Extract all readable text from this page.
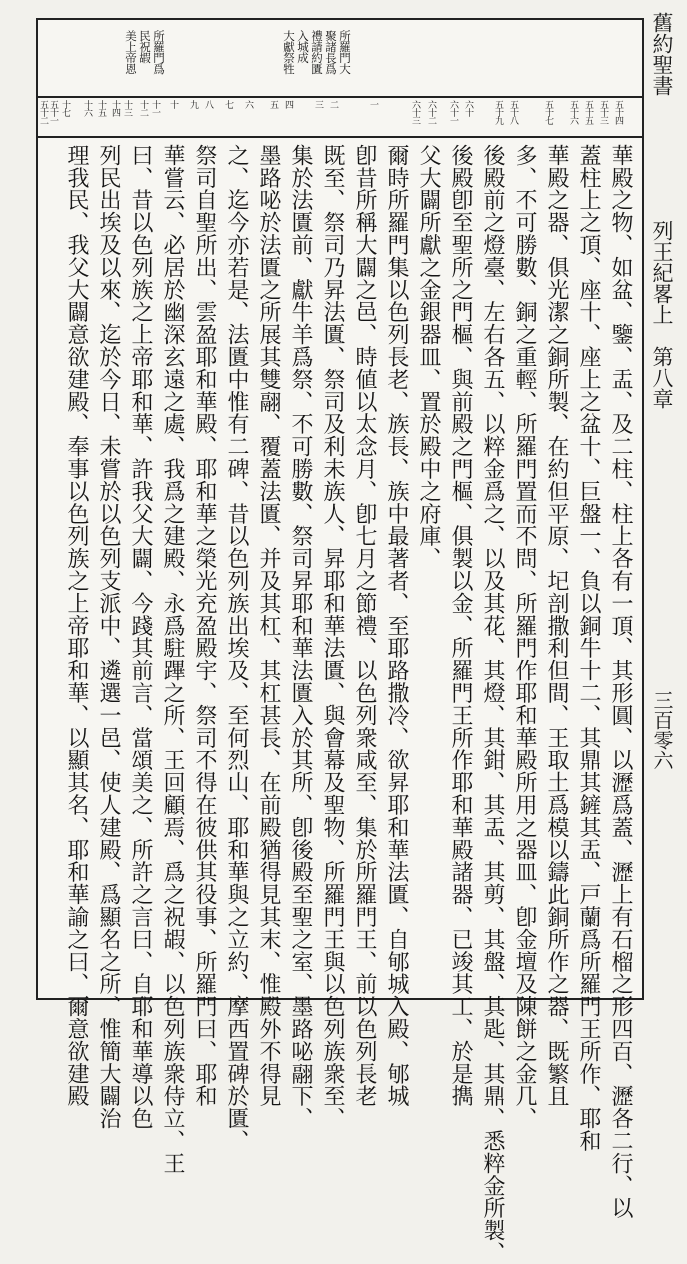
所羅門大
聚諸長爲
禮請約匱
入城成
大獻祭牲
所羅門爲
民祝嘏
美上帝恩
五十四
五十三
五十五
五十六
五十七
五十八
五十九
六十
六十一
六十二
六十三
一
二
三
四
五
六
七
八
九
十
十一
十二
十三
十四
十五
十六
十七
五十一
五十二
華殿之物、如盆、鑒、盂、及二柱、柱上各有一頂、其形圓、以瀝爲蓋、瀝上有石榴之形四百、瀝各二行、以
蓋柱上之頂、座十、座上之盆十、巨盤一、負以銅牛十二、其鼎其鏟其盂、戸蘭爲所羅門王所作、耶和
華殿之器、俱光潔之銅所製、在約但平原、𡉏剖撒利但間、王取土爲模以鑄此銅所作之器、既繁且
多、不可勝數、銅之重輕、所羅門置而不問、所羅門作耶和華殿所用之器皿、卽金壇及陳餅之金几、
後殿前之燈臺、左右各五、以粹金爲之、以及其花、其燈、其鉗、其盂、其剪、其盤、其匙、其鼎、悉粹金所製、
後殿卽至聖所之門樞、與前殿之門樞、俱製以金、所羅門王所作耶和華殿諸器、已竣其工、於是擕
父大闢所獻之金銀器皿、置於殿中之府庫、
爾時所羅門集以色列長老、族長、族中最著者、至耶路撒冷、欲昇耶和華法匱、自郇城入殿、郇城
卽昔所稱大闢之邑、時値以太念月、卽七月之節禮、以色列衆咸至、集於所羅門王、前以色列長老
既至、祭司乃昇法匱、祭司及利未族人、昇耶和華法匱、與會幕及聖物、所羅門王與以色列族衆至、
集於法匱前、獻牛羊爲祭、不可勝數、祭司昇耶和華法匱入於其所、卽後殿至聖之室、墨路咇翮下、
墨路咇於法匱之所展其雙翮、覆蓋法匱、并及其杠、其杠甚長、在前殿猶得見其末、惟殿外不得見
之、迄今亦若是、法匱中惟有二碑、昔以色列族出埃及、至何烈山、耶和華與之立約、摩西置碑於匱、
祭司自聖所出、雲盈耶和華殿、耶和華之榮光充盈殿宇、祭司不得在彼供其役事、所羅門曰、耶和
華嘗云、必居於幽深玄遠之處、我爲之建殿、永爲駐蹕之所、王回顧焉、爲之祝嘏、以色列族衆侍立、王
曰、昔以色列族之上帝耶和華、許我父大闢、今踐其前言、當頌美之、所許之言曰、自耶和華導以色
列民出埃及以來、迄於今日、未嘗於以色列支派中、遴選一邑、使人建殿、爲顯名之所、惟簡大闢治
理我民、我父大闢意欲建殿、奉事以色列族之上帝耶和華、以顯其名、耶和華諭之曰、爾意欲建殿
舊約聖書
列王紀畧上　第八章
三百零六
